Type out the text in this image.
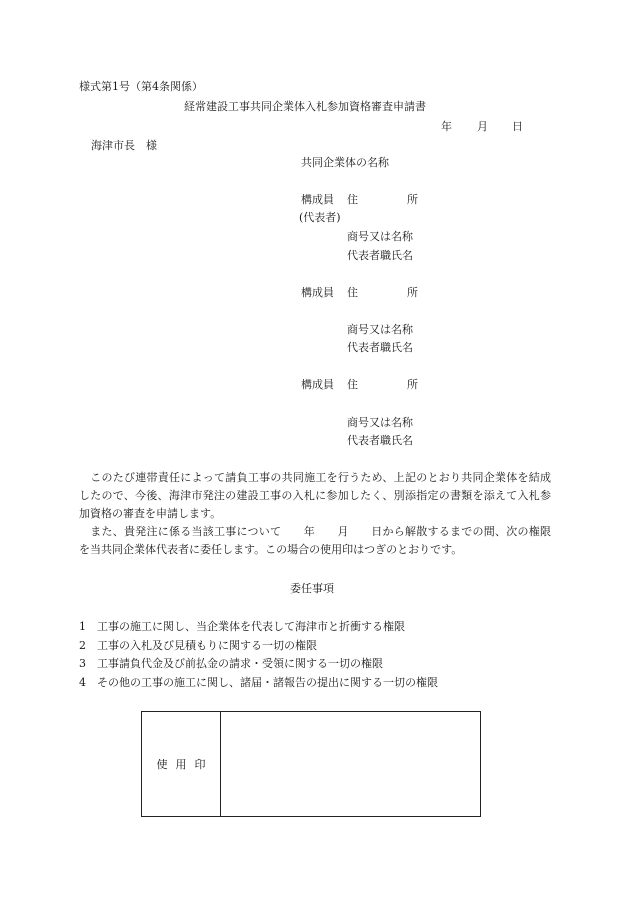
様式第1号（第4条関係）
経常建設工事共同企業体入札参加資格審査申請書
年 月 日
海津市長　様
共同企業体の名称
構成員 住	所
(代表者)
商号又は名称
代表者職氏名
構成員 住	所
商号又は名称
代表者職氏名
構成員 住	所
商号又は名称
代表者職氏名
　このたび連帯責任によって請負工事の共同施工を行うため、上記のとおり共同企業体を結成したので、今後、海津市発注の建設工事の入札に参加したく、別添指定の書類を添えて入札参加資格の審査を申請します。
　また、貴発注に係る当該工事について　　年　　月　　日から解散するまでの間、次の権限を当共同企業体代表者に委任します。この場合の使用印はつぎのとおりです。
委任事項
1 工事の施工に関し、当企業体を代表して海津市と折衝する権限
2 工事の入札及び見積もりに関する一切の権限
3 工事請負代金及び前払金の請求・受領に関する一切の権限
4 その他の工事の施工に関し、諸届・諸報告の提出に関する一切の権限
使用印
